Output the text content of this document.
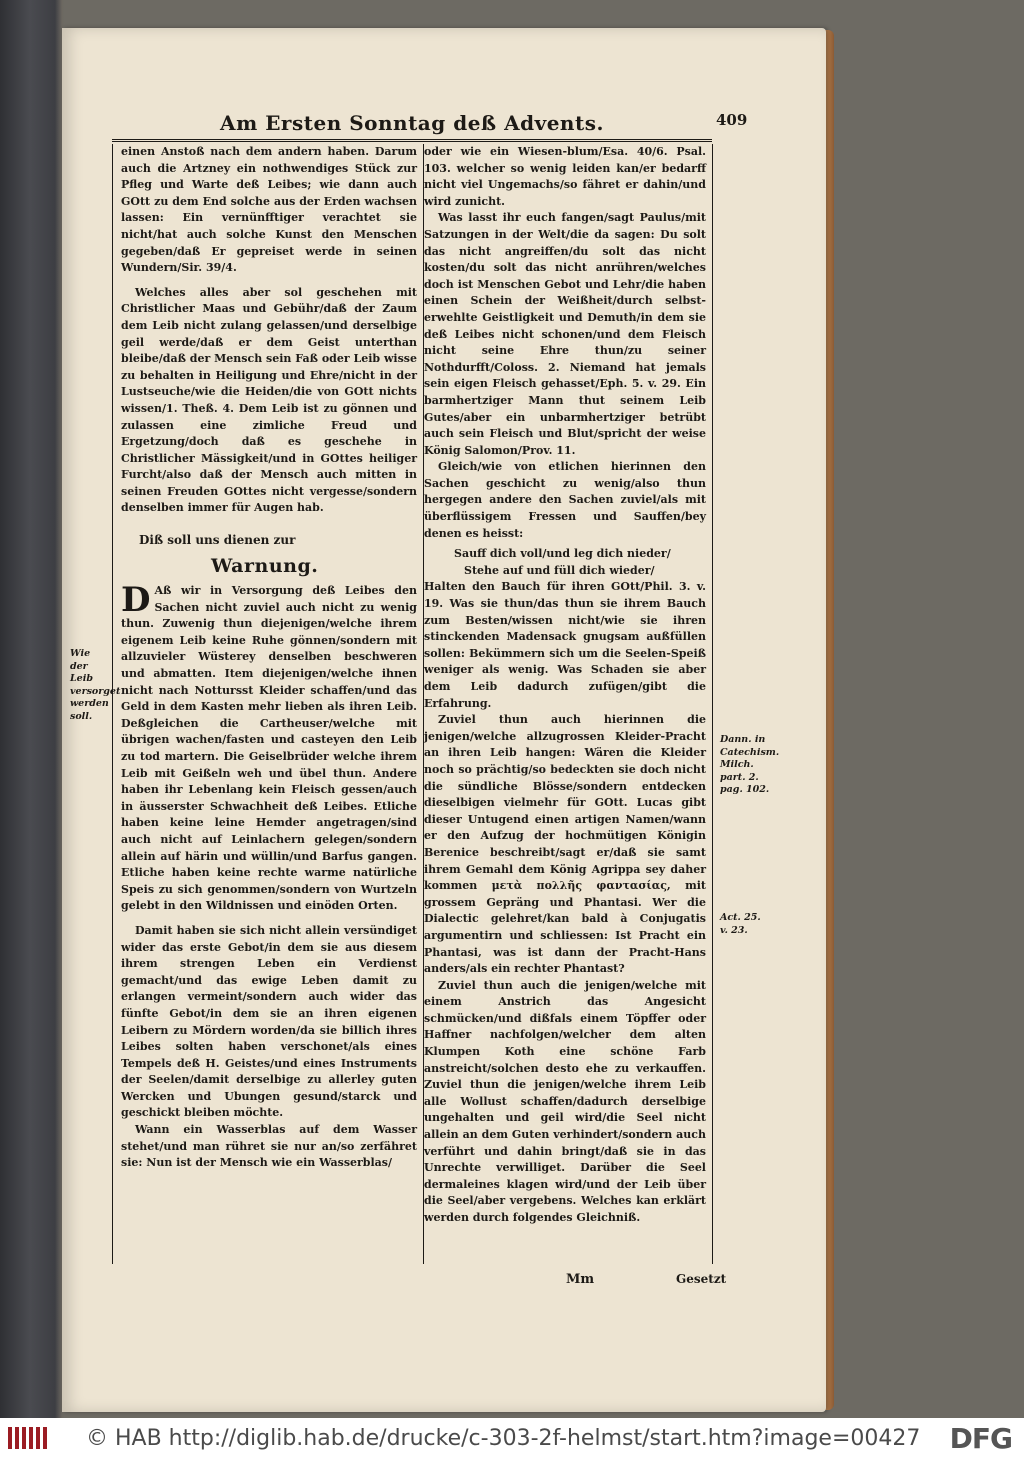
Am Ersten Sonntag deß Advents.	409

einen Anstoß nach dem andern haben. Darum auch die Artzney ein nothwendiges Stück zur Pfleg und Warte deß Leibes; wie dann auch GOtt zu dem End solche aus der Erden wachsen lassen: Ein vernünfftiger verachtet sie nicht/hat auch solche Kunst den Menschen gegeben/daß Er gepreiset werde in seinen Wundern/Sir. 39/4.

Welches alles aber sol geschehen mit Christlicher Maas und Gebühr/daß der Zaum dem Leib nicht zulang gelassen/und derselbige geil werde/daß er dem Geist unterthan bleibe/daß der Mensch sein Faß oder Leib wisse zu behalten in Heiligung und Ehre/nicht in der Lustseuche/wie die Heiden/die von GOtt nichts wissen/1. Theß. 4. Dem Leib ist zu gönnen und zulassen eine zimliche Freud und Ergetzung/doch daß es geschehe in Christlicher Mässigkeit/und in GOttes heiliger Furcht/also daß der Mensch auch mitten in seinen Freuden GOttes nicht vergesse/sondern denselben immer für Augen hab.

Diß soll uns dienen zur
Warnung.

D Aß wir in Versorgung deß Leibes den Sachen nicht zuviel auch nicht zu wenig thun. Zuwenig thun diejenigen/welche ihrem eigenem Leib keine Ruhe gönnen/sondern mit allzuvieler Wüsterey denselben beschweren und abmatten. Item diejenigen/welche ihnen nicht nach Nottursst Kleider schaffen/und das Geld in dem Kasten mehr lieben als ihren Leib. Deßgleichen die Cartheuser/welche mit übrigen wachen/fasten und casteyen den Leib zu tod martern. Die Geiselbrüder welche ihrem Leib mit Geißeln weh und übel thun. Andere haben ihr Lebenlang kein Fleisch gessen/auch in äusserster Schwachheit deß Leibes. Etliche haben keine leine Hemder angetragen/sind auch nicht auf Leinlachern gelegen/sondern allein auf härin und wüllin/und Barfus gangen. Etliche haben keine rechte warme natürliche Speis zu sich genommen/sondern von Wurtzeln gelebt in den Wildnissen und einöden Orten.

Damit haben sie sich nicht allein versündiget wider das erste Gebot/in dem sie aus diesem ihrem strengen Leben ein Verdienst gemacht/und das ewige Leben damit zu erlangen vermeint/sondern auch wider das fünfte Gebot/in dem sie an ihren eigenen Leibern zu Mördern worden/da sie billich ihres Leibes solten haben verschonet/als eines Tempels deß H. Geistes/und eines Instruments der Seelen/damit derselbige zu allerley guten Wercken und Ubungen gesund/starck und geschickt bleiben möchte.

Wann ein Wasserblas auf dem Wasser stehet/und man rühret sie nur an/so zerfähret sie: Nun ist der Mensch wie ein Wasserblas/

oder wie ein Wiesen-blum/Esa. 40/6. Psal. 103. welcher so wenig leiden kan/er bedarff nicht viel Ungemachs/so fähret er dahin/und wird zunicht.

Was lasst ihr euch fangen/sagt Paulus/mit Satzungen in der Welt/die da sagen: Du solt das nicht angreiffen/du solt das nicht kosten/du solt das nicht anrühren/welches doch ist Menschen Gebot und Lehr/die haben einen Schein der Weißheit/durch selbst-erwehlte Geistligkeit und Demuth/in dem sie deß Leibes nicht schonen/und dem Fleisch nicht seine Ehre thun/zu seiner Nothdurfft/Coloss. 2. Niemand hat jemals sein eigen Fleisch gehasset/Eph. 5. v. 29. Ein barmhertziger Mann thut seinem Leib Gutes/aber ein unbarmhertziger betrübt auch sein Fleisch und Blut/spricht der weise König Salomon/Prov. 11.

Gleich/wie von etlichen hierinnen den Sachen geschicht zu wenig/also thun hergegen andere den Sachen zuviel/als mit überflüssigem Fressen und Sauffen/bey denen es heisst:

Sauff dich voll/und leg dich nieder/
Stehe auf und füll dich wieder/

Halten den Bauch für ihren GOtt/Phil. 3. v. 19. Was sie thun/das thun sie ihrem Bauch zum Besten/wissen nicht/wie sie ihren stinckenden Madensack gnugsam außfüllen sollen: Bekümmern sich um die Seelen-Speiß weniger als wenig. Was Schaden sie aber dem Leib dadurch zufügen/gibt die Erfahrung.

Zuviel thun auch hierinnen die jenigen/welche allzugrossen Kleider-Pracht an ihren Leib hangen: Wären die Kleider noch so prächtig/so bedeckten sie doch nicht die sündliche Blösse/sondern entdecken dieselbigen vielmehr für GOtt. Lucas gibt dieser Untugend einen artigen Namen/wann er den Aufzug der hochmütigen Königin Berenice beschreibt/sagt er/daß sie samt ihrem Gemahl dem König Agrippa sey daher kommen μετὰ πολλῆς φαντασίας, mit grossem Gepräng und Phantasi. Wer die Dialectic gelehret/kan bald à Conjugatis argumentirn und schliessen: Ist Pracht ein Phantasi, was ist dann der Pracht-Hans anders/als ein rechter Phantast?

Zuviel thun auch die jenigen/welche mit einem Anstrich das Angesicht schmücken/und dißfals einem Töpffer oder Haffner nachfolgen/welcher dem alten Klumpen Koth eine schöne Farb anstreicht/solchen desto ehe zu verkauffen. Zuviel thun die jenigen/welche ihrem Leib alle Wollust schaffen/dadurch derselbige ungehalten und geil wird/die Seel nicht allein an dem Guten verhindert/sondern auch verführt und dahin bringt/daß sie in das Unrechte verwilliget. Darüber die Seel dermaleines klagen wird/und der Leib über die Seel/aber vergebens. Welches kan erklärt werden durch folgendes Gleichniß.

Wie der Leib versorget werden soll.
Dann. in Catechism. Milch. part. 2. pag. 102.
Act. 25. v. 23.
Mm	Gesetzt
© HAB http://diglib.hab.de/drucke/c-303-2f-helmst/start.htm?image=00427 DFG
